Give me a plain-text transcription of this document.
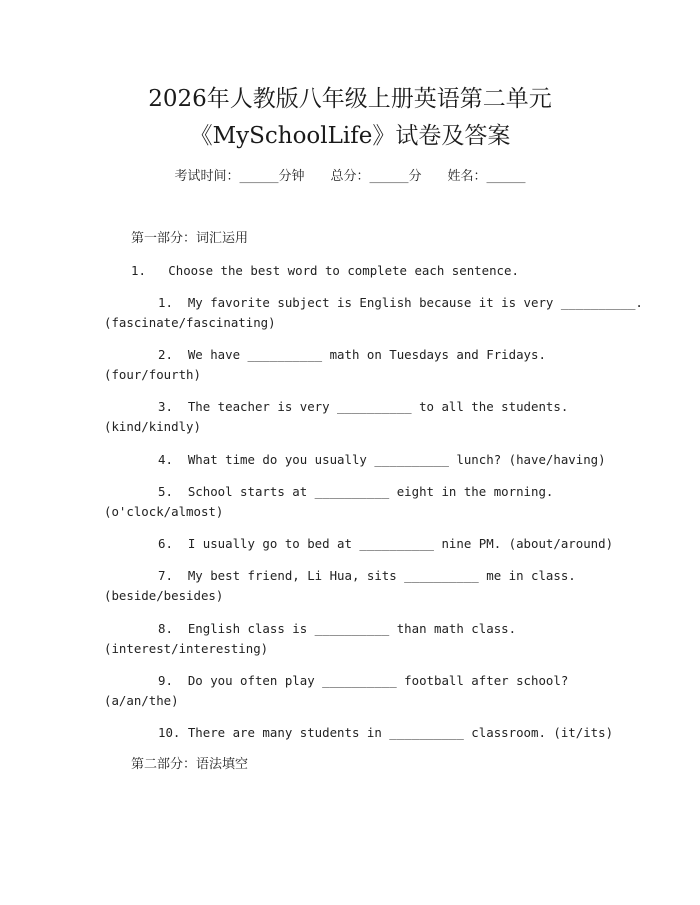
2026年人教版八年级上册英语第二单元
《MySchoolLife》试卷及答案
考试时间：______分钟 总分：______分 姓名：______
第一部分：词汇运用
1.   Choose the best word to complete each sentence.
1.  My favorite subject is English because it is very __________.
(fascinate/fascinating)
2.  We have __________ math on Tuesdays and Fridays.
(four/fourth)
3.  The teacher is very __________ to all the students.
(kind/kindly)
4.  What time do you usually __________ lunch? (have/having)
5.  School starts at __________ eight in the morning.
(o'clock/almost)
6.  I usually go to bed at __________ nine PM. (about/around)
7.  My best friend, Li Hua, sits __________ me in class.
(beside/besides)
8.  English class is __________ than math class.
(interest/interesting)
9.  Do you often play __________ football after school?
(a/an/the)
10. There are many students in __________ classroom. (it/its)
第二部分：语法填空
